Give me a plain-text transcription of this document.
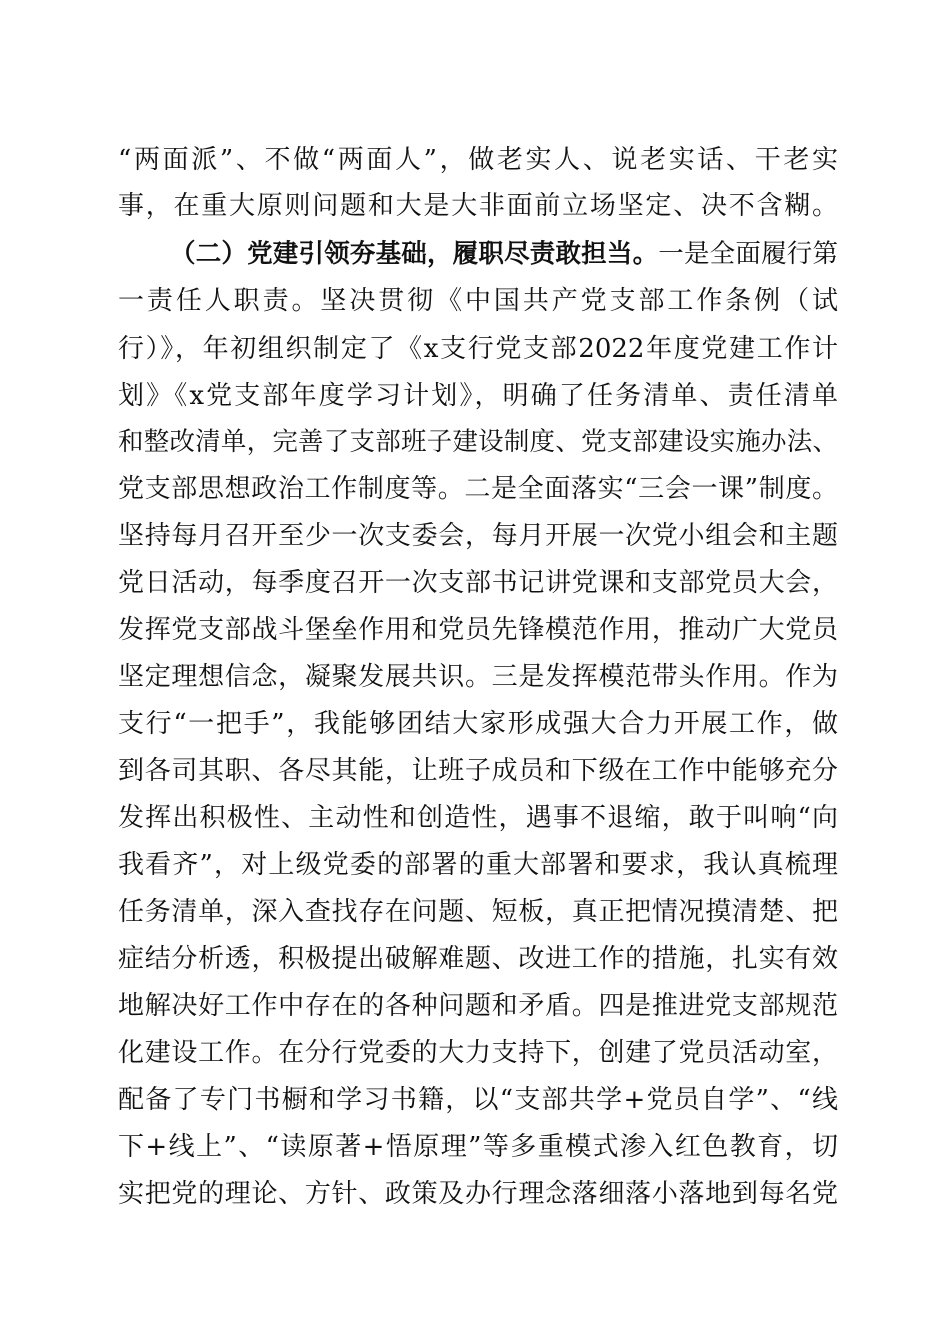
“两面派”、不做“两面人”，做老实人、说老实话、干老实
事，在重大原则问题和大是大非面前立场坚定、决不含糊。
（二）党建引领夯基础，履职尽责敢担当。一是全面履行第
一责任人职责。坚决贯彻《中国共产党支部工作条例（试
行）》，年初组织制定了《x支行党支部2022年度党建工作计
划》《x党支部年度学习计划》，明确了任务清单、责任清单
和整改清单，完善了支部班子建设制度、党支部建设实施办法、
党支部思想政治工作制度等。二是全面落实“三会一课”制度。
坚持每月召开至少一次支委会，每月开展一次党小组会和主题
党日活动，每季度召开一次支部书记讲党课和支部党员大会，
发挥党支部战斗堡垒作用和党员先锋模范作用，推动广大党员
坚定理想信念，凝聚发展共识。三是发挥模范带头作用。作为
支行“一把手”，我能够团结大家形成强大合力开展工作，做
到各司其职、各尽其能，让班子成员和下级在工作中能够充分
发挥出积极性、主动性和创造性，遇事不退缩，敢于叫响“向
我看齐”，对上级党委的部署的重大部署和要求，我认真梳理
任务清单，深入查找存在问题、短板，真正把情况摸清楚、把
症结分析透，积极提出破解难题、改进工作的措施，扎实有效
地解决好工作中存在的各种问题和矛盾。四是推进党支部规范
化建设工作。在分行党委的大力支持下，创建了党员活动室，
配备了专门书橱和学习书籍，以“支部共学+党员自学”、“线
下+线上”、“读原著+悟原理”等多重模式渗入红色教育，切
实把党的理论、方针、政策及办行理念落细落小落地到每名党
